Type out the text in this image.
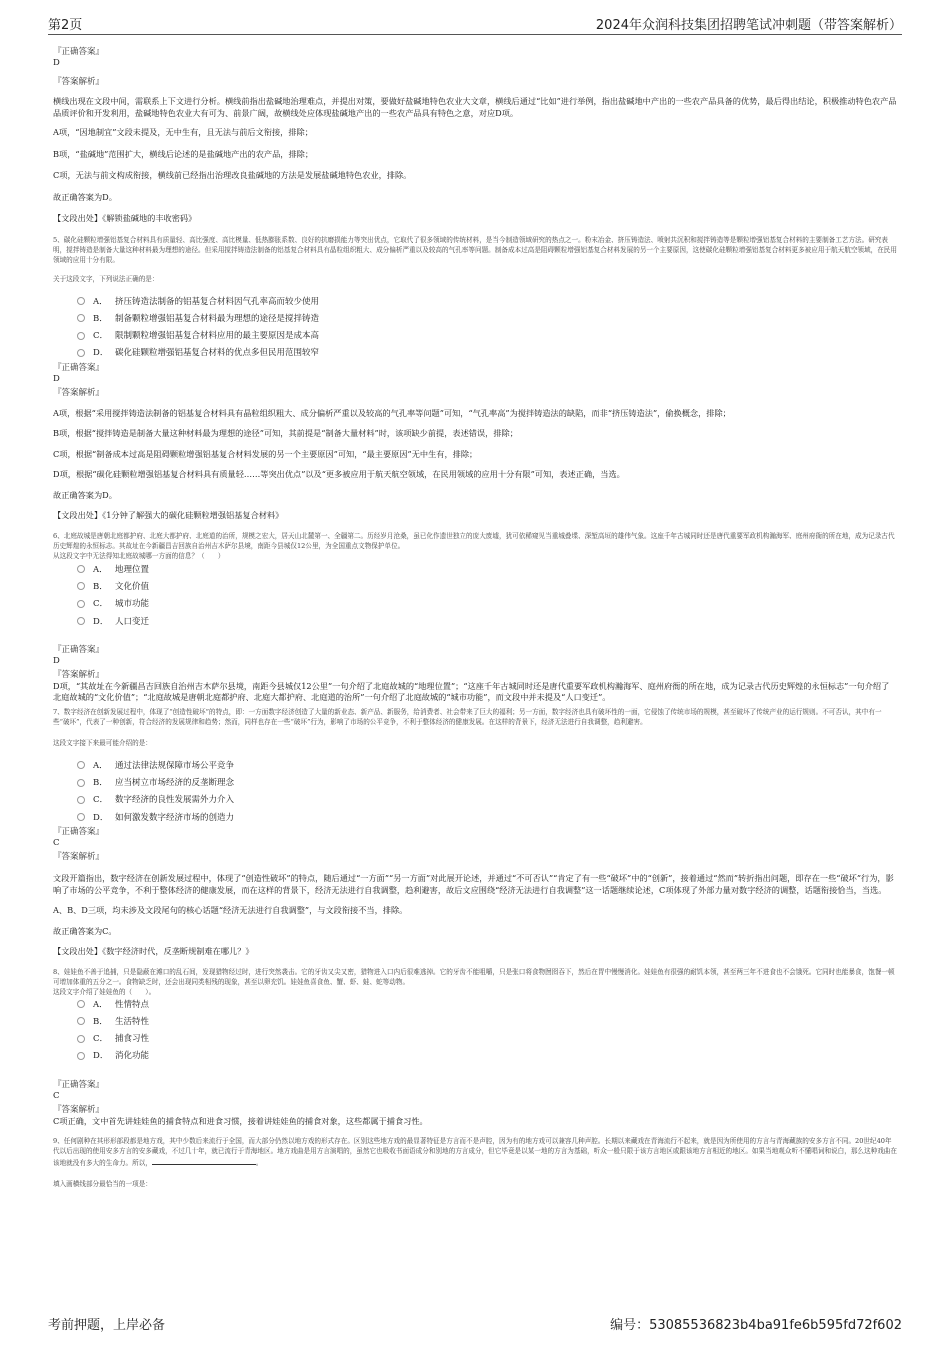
第2页	2024年众润科技集团招聘笔试冲刺题（带答案解析）

『正确答案』

D

『答案解析』

横线出现在文段中间，需联系上下文进行分析。横线前指出盐碱地治理难点，并提出对策，要做好盐碱地特色农业大文章，横线后通过“比如”进行举例，指出盐碱地中产出的一些农产品具备的优势，最后得出结论，积极推动特色农产品品质评价和开发利用，盐碱地特色农业大有可为、前景广阔，故横线处应体现盐碱地产出的一些农产品具有特色之意，对应D项。

A项，“因地制宜”文段未提及，无中生有，且无法与前后文衔接，排除；

B项，“盐碱地”范围扩大，横线后论述的是盐碱地产出的农产品，排除；

C项，无法与前文构成衔接，横线前已经指出治理改良盐碱地的方法是发展盐碱地特色农业，排除。

故正确答案为D。

【文段出处】《解锁盐碱地的丰收密码》

5、碳化硅颗粒增强铝基复合材料具有质量轻、高比强度、高比模量、低热膨胀系数、良好的抗磨损能力等突出优点，它取代了很多领域的传统材料，是当今制造领域研究的热点之一。粉末冶金、挤压铸造法、喷射共沉积和搅拌铸造等是颗粒增强铝基复合材料的主要制备工艺方法。研究表明，搅拌铸造是制备大量这种材料最为理想的途径。但采用搅拌铸造法制备的铝基复合材料具有晶粒组织粗大、成分偏析严重以及较高的气孔率等问题。制备成本过高是阻碍颗粒增强铝基复合材料发展的另一个主要原因，这使碳化硅颗粒增强铝基复合材料更多被应用于航天航空领域，在民用领域的应用十分有限。

关于这段文字，下列说法正确的是：

A． 挤压铸造法制备的铝基复合材料因气孔率高而较少使用
B． 制备颗粒增强铝基复合材料最为理想的途径是搅拌铸造
C． 限制颗粒增强铝基复合材料应用的最主要原因是成本高
D． 碳化硅颗粒增强铝基复合材料的优点多但民用范围较窄

『正确答案』

D

『答案解析』

A项，根据“采用搅拌铸造法制备的铝基复合材料具有晶粒组织粗大、成分偏析严重以及较高的气孔率等问题”可知，“气孔率高”为搅拌铸造法的缺陷，而非“挤压铸造法”，偷换概念，排除；

B项，根据“搅拌铸造是制备大量这种材料最为理想的途径”可知，其前提是“制备大量材料”时，该项缺少前提，表述错误，排除；

C项，根据“制备成本过高是阻碍颗粒增强铝基复合材料发展的另一个主要原因”可知，“最主要原因”无中生有，排除；

D项，根据“碳化硅颗粒增强铝基复合材料具有质量轻……等突出优点”以及“更多被应用于航天航空领域，在民用领域的应用十分有限”可知，表述正确，当选。

故正确答案为D。

【文段出处】《1分钟了解强大的碳化硅颗粒增强铝基复合材料》

6、北庭故城是唐朝北庭都护府、北庭大都护府、北庭道的治所，规模之宏大，居天山北麓第一、全疆第二。历经岁月沧桑，虽已化作遗世独立的庞大废墟，犹可依稀窥见当重城叠堞、深堑高垣的雄伟气象。这座千年古城同时还是唐代重要军政机构瀚海军、庭州府衙的所在地，成为记录古代历史辉煌的永恒标志。其故址在今新疆昌吉回族自治州吉木萨尔县境，南距今县城仅12公里，为全国重点文物保护单位。

从这段文字中无法得知北庭故城哪一方面的信息？（　　）

A． 地理位置
B． 文化价值
C． 城市功能
D． 人口变迁

『正确答案』

D

『答案解析』

D项，“其故址在今新疆昌吉回族自治州吉木萨尔县境，南距今县城仅12公里”一句介绍了北庭故城的“地理位置”；“这座千年古城同时还是唐代重要军政机构瀚海军、庭州府衙的所在地，成为记录古代历史辉煌的永恒标志”一句介绍了北庭故城的“文化价值”；“北庭故城是唐朝北庭都护府、北庭大都护府、北庭道的治所”一句介绍了北庭故城的“城市功能”，而文段中并未提及“人口变迁”。

7、数字经济在创新发展过程中，体现了“创造性破坏”的特点，即：一方面数字经济创造了大量的新业态、新产品、新服务，给消费者、社会带来了巨大的福利；另一方面，数字经济也具有破坏性的一面，它侵蚀了传统市场的规模，甚至破坏了传统产业的运行规则。不可否认，其中有一些“破坏”，代表了一种创新，符合经济的发展规律和趋势；然而，同样也存在一些“破坏”行为，影响了市场的公平竞争，不利于整体经济的健康发展。在这样的背景下，经济无法进行自我调整，趋利避害。

这段文字接下来最可能介绍的是：

A． 通过法律法规保障市场公平竞争
B． 应当树立市场经济的反垄断理念
C． 数字经济的良性发展需外力介入
D． 如何激发数字经济市场的创造力

『正确答案』

C

『答案解析』

文段开篇指出，数字经济在创新发展过程中，体现了“创造性破坏”的特点，随后通过“一方面”“另一方面”对此展开论述，并通过“不可否认”“肯定了有一些“破坏”中的“创新”，接着通过“然而”转折指出问题，即存在一些“破坏”行为，影响了市场的公平竞争，不利于整体经济的健康发展，而在这样的背景下，经济无法进行自我调整，趋利避害，故后文应围绕“经济无法进行自我调整”这一话题继续论述，C项体现了外部力量对数字经济的调整，话题衔接恰当，当选。

A、B、D三项，均未涉及文段尾句的核心话题“经济无法进行自我调整”，与文段衔接不当，排除。

故正确答案为C。

【文段出处】《数字经济时代，反垄断规制难在哪儿？》

8、娃娃鱼不善于追捕，只是隐蔽在滩口的乱石间，发现猎物经过时，进行突然袭击。它的牙齿又尖又密，猎物进入口内后很难逃掉。它的牙齿不能咀嚼，只是张口将食物囫囵吞下，然后在胃中慢慢消化。娃娃鱼有很强的耐饥本领，甚至两三年不进食也不会饿死。它同时也能暴食，饱餐一顿可增加体重的五分之一。食物缺乏时，还会出现同类相残的现象，甚至以卵充饥。娃娃鱼喜食鱼、蟹、虾、蛙、蛇等动物。

这段文字介绍了娃娃鱼的（　　）。

A． 性情特点
B． 生活特性
C． 捕食习性
D． 消化功能

『正确答案』

C

『答案解析』

C项正确，文中首先讲娃娃鱼的捕食特点和进食习惯，接着讲娃娃鱼的捕食对象，这些都属于捕食习性。

9、任何剧种在其形形部段都是地方戏，其中少数后来流行于全国，而大部分仍然以地方戏的形式存在。区别这些地方戏的最显著特征是方言而不是声腔，因为有的地方戏可以兼容几种声腔。长期以来藏戏在青海流行不起来，就是因为所使用的方言与青海藏族的安多方言不同。20世纪40年代以后出现的使用安多方言的安多藏戏，不过几十年，就已流行于青海地区。地方戏曲是用方言演唱的，虽然它也吸收书面语成分和别地的方言成分，但它毕竟是以某一地的方言为基础，听众一般只限于该方言地区或跟该地方言相近的地区。如果当地观众听不懂唱词和说白，那么这种戏曲在该地就没有多大的生命力。所以，	。

填入画横线部分最恰当的一项是：

考前押题，上岸必备	编号：53085536823b4ba91fe6b595fd72f602
